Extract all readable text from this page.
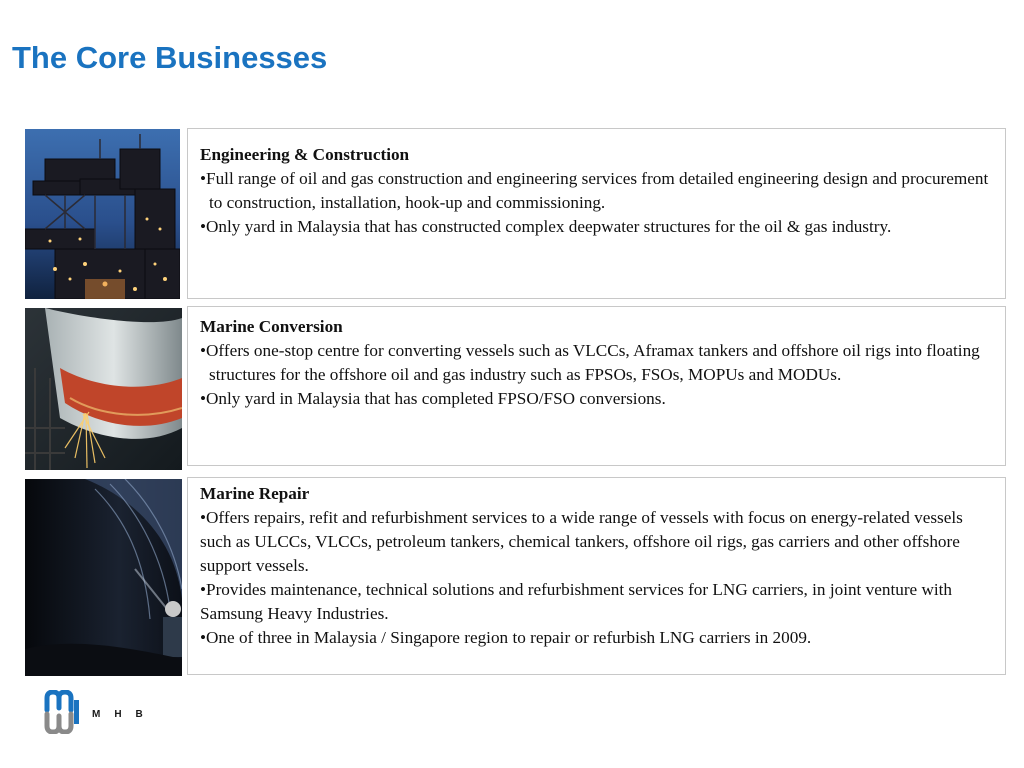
The Core Businesses

Engineering & Construction

•Full range of oil and gas construction and engineering services from detailed engineering design and procurement to construction, installation, hook-up and commissioning.

•Only yard in Malaysia that has constructed complex deepwater structures for the oil & gas industry.

Marine Conversion

•Offers one-stop centre for converting vessels such as VLCCs, Aframax tankers and offshore oil rigs into floating structures for the offshore oil and gas industry such as FPSOs, FSOs, MOPUs and MODUs.

•Only yard in Malaysia that has completed FPSO/FSO conversions.

Marine Repair

•Offers repairs, refit and refurbishment services to a wide range of vessels with focus on energy-related vessels such as ULCCs, VLCCs, petroleum tankers, chemical tankers, offshore oil rigs, gas carriers and other offshore support vessels.

•Provides maintenance, technical solutions and refurbishment services for LNG carriers, in joint venture with Samsung Heavy Industries.

•One of three in Malaysia / Singapore region to repair or refurbish LNG carriers in 2009.

MHB
